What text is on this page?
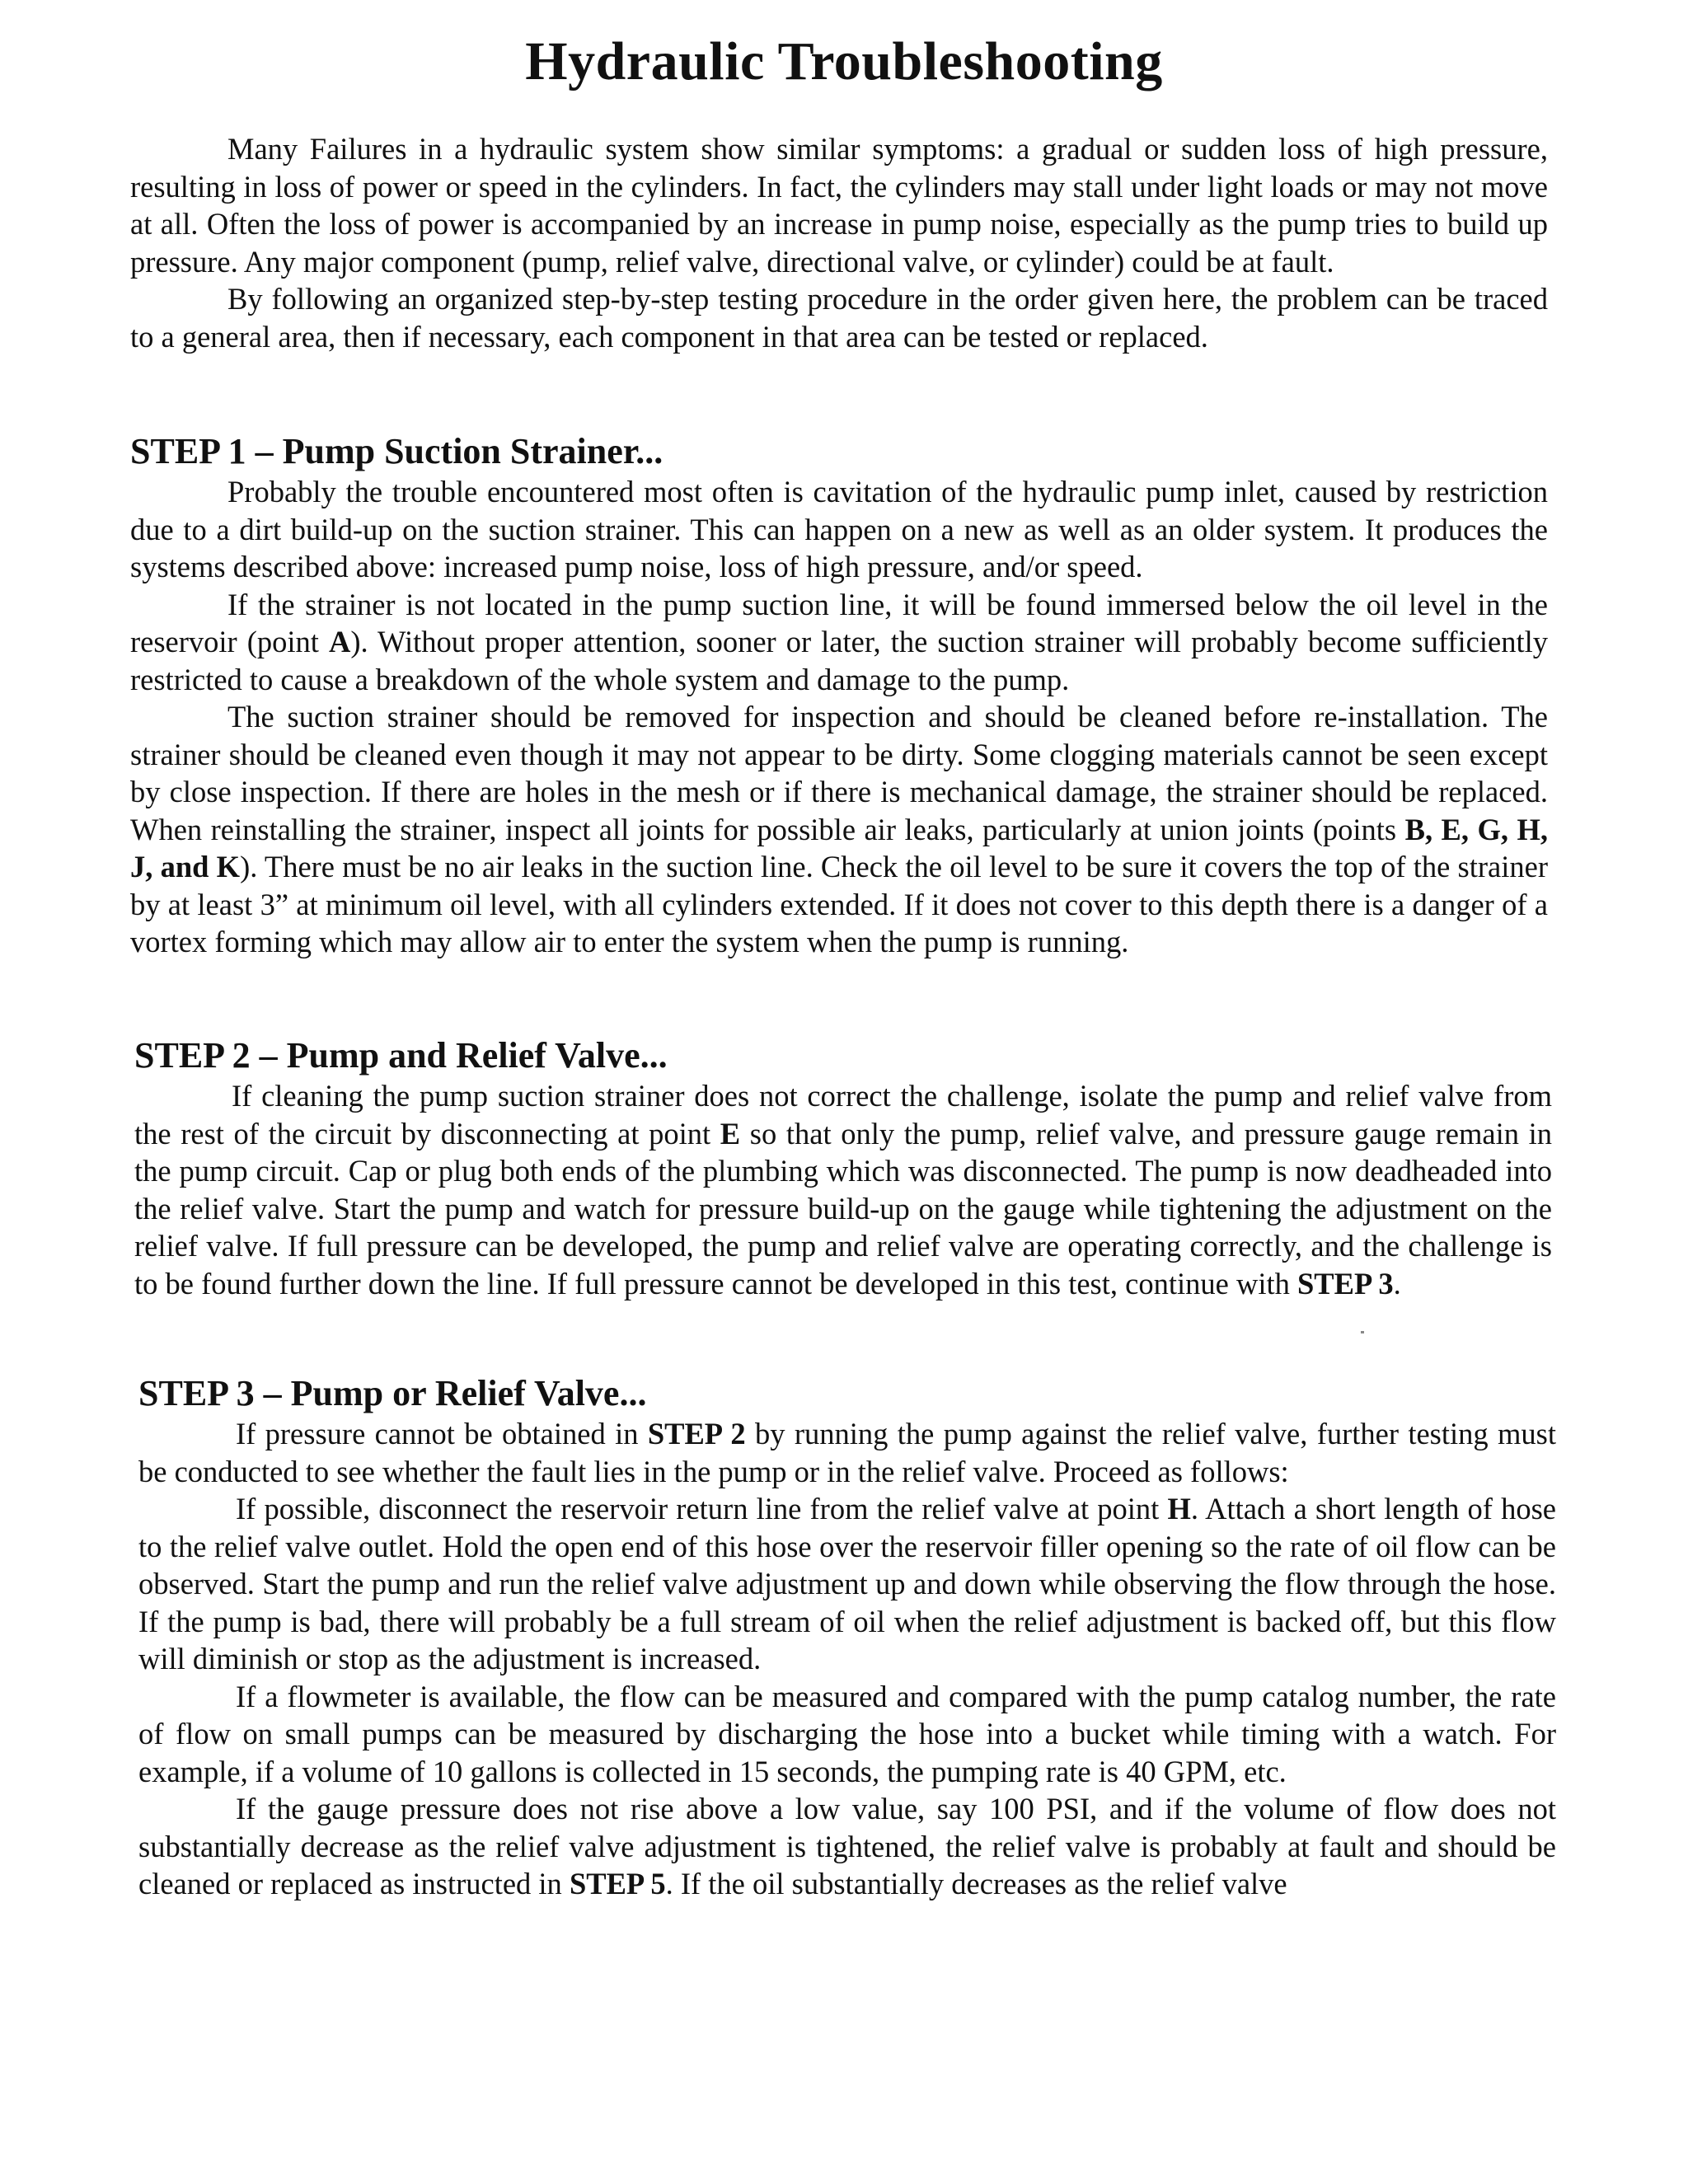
Hydraulic Troubleshooting

Many Failures in a hydraulic system show similar symptoms: a gradual or sudden loss of high pressure, resulting in loss of power or speed in the cylinders. In fact, the cylinders may stall under light loads or may not move at all. Often the loss of power is accompanied by an increase in pump noise, especially as the pump tries to build up pressure. Any major component (pump, relief valve, directional valve, or cylinder) could be at fault.

By following an organized step-by-step testing procedure in the order given here, the problem can be traced to a general area, then if necessary, each component in that area can be tested or replaced.

STEP 1 – Pump Suction Strainer...

Probably the trouble encountered most often is cavitation of the hydraulic pump inlet, caused by restriction due to a dirt build-up on the suction strainer. This can happen on a new as well as an older system. It produces the systems described above: increased pump noise, loss of high pressure, and/or speed.

If the strainer is not located in the pump suction line, it will be found immersed below the oil level in the reservoir (point A). Without proper attention, sooner or later, the suction strainer will probably become sufficiently restricted to cause a breakdown of the whole system and damage to the pump.

The suction strainer should be removed for inspection and should be cleaned before re-installation. The strainer should be cleaned even though it may not appear to be dirty. Some clogging materials cannot be seen except by close inspection. If there are holes in the mesh or if there is mechanical damage, the strainer should be replaced. When reinstalling the strainer, inspect all joints for possible air leaks, particularly at union joints (points B, E, G, H, J, and K). There must be no air leaks in the suction line. Check the oil level to be sure it covers the top of the strainer by at least 3” at minimum oil level, with all cylinders extended. If it does not cover to this depth there is a danger of a vortex forming which may allow air to enter the system when the pump is running.

STEP 2 – Pump and Relief Valve...

If cleaning the pump suction strainer does not correct the challenge, isolate the pump and relief valve from the rest of the circuit by disconnecting at point E so that only the pump, relief valve, and pressure gauge remain in the pump circuit. Cap or plug both ends of the plumbing which was disconnected. The pump is now deadheaded into the relief valve. Start the pump and watch for pressure build-up on the gauge while tightening the adjustment on the relief valve. If full pressure can be developed, the pump and relief valve are operating correctly, and the challenge is to be found further down the line. If full pressure cannot be developed in this test, continue with STEP 3.

STEP 3 – Pump or Relief Valve...

If pressure cannot be obtained in STEP 2 by running the pump against the relief valve, further testing must be conducted to see whether the fault lies in the pump or in the relief valve. Proceed as follows:

If possible, disconnect the reservoir return line from the relief valve at point H. Attach a short length of hose to the relief valve outlet. Hold the open end of this hose over the reservoir filler opening so the rate of oil flow can be observed. Start the pump and run the relief valve adjustment up and down while observing the flow through the hose. If the pump is bad, there will probably be a full stream of oil when the relief adjustment is backed off, but this flow will diminish or stop as the adjustment is increased.

If a flowmeter is available, the flow can be measured and compared with the pump catalog number, the rate of flow on small pumps can be measured by discharging the hose into a bucket while timing with a watch. For example, if a volume of 10 gallons is collected in 15 seconds, the pumping rate is 40 GPM, etc.

If the gauge pressure does not rise above a low value, say 100 PSI, and if the volume of flow does not substantially decrease as the relief valve adjustment is tightened, the relief valve is probably at fault and should be cleaned or replaced as instructed in STEP 5. If the oil substantially decreases as the relief valve
